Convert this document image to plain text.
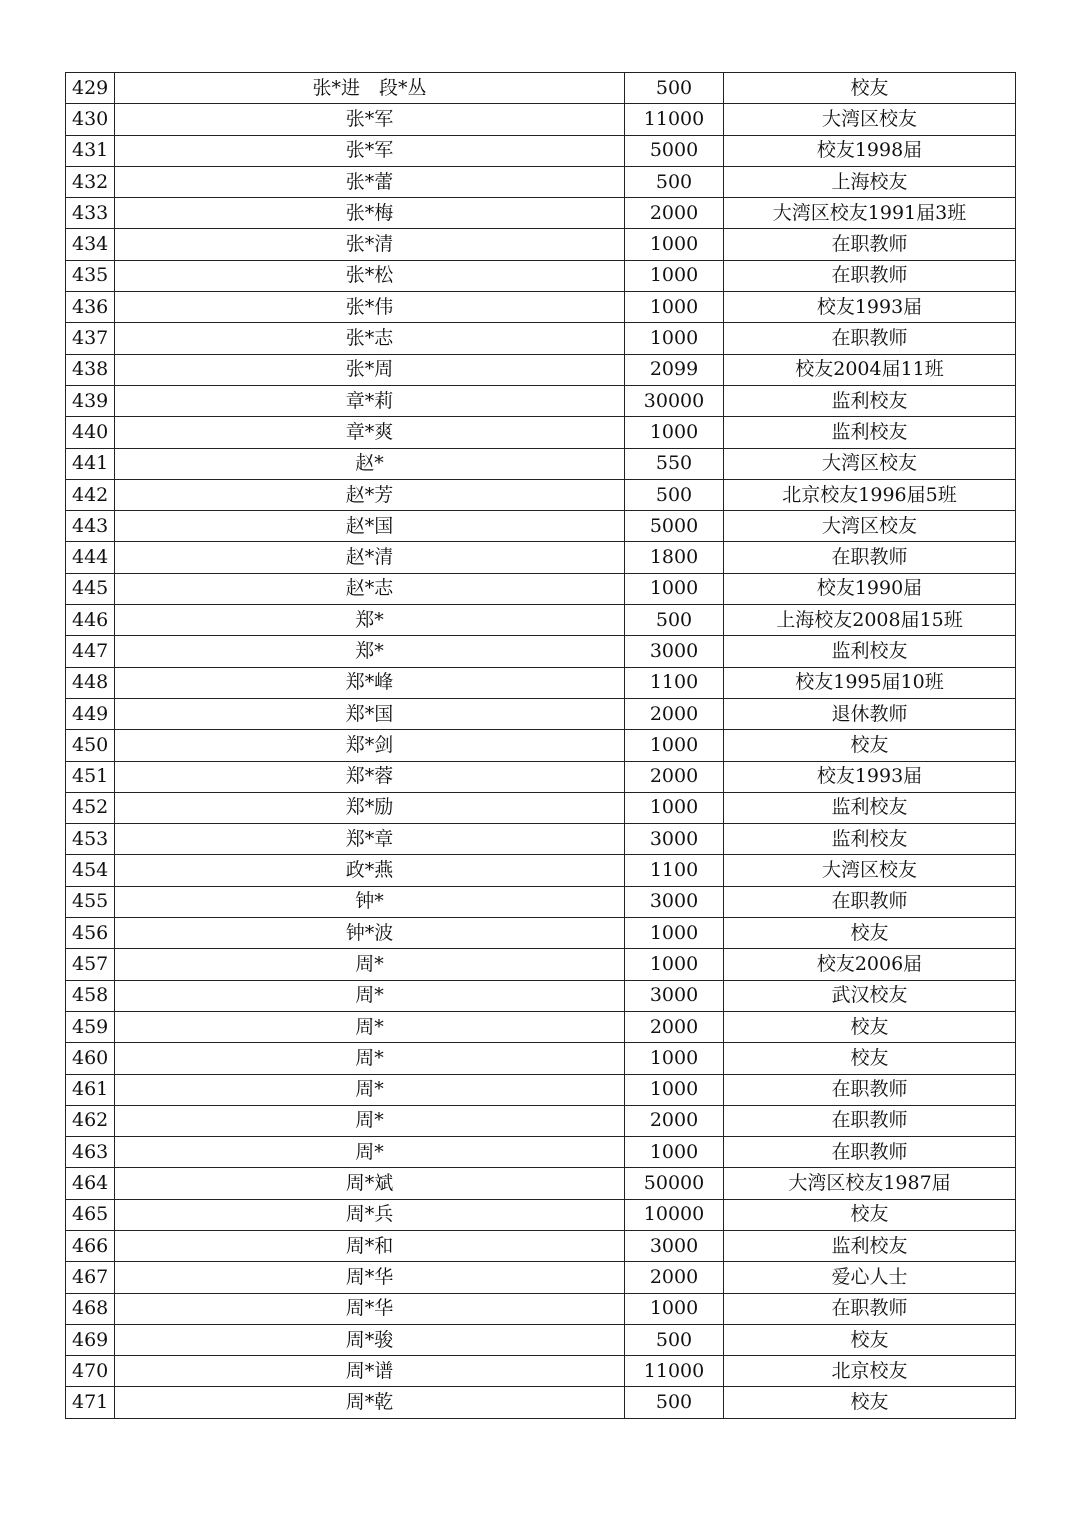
429	张*进　段*丛	500	校友
430	张*军	11000	大湾区校友
431	张*军	5000	校友1998届
432	张*蕾	500	上海校友
433	张*梅	2000	大湾区校友1991届3班
434	张*清	1000	在职教师
435	张*松	1000	在职教师
436	张*伟	1000	校友1993届
437	张*志	1000	在职教师
438	张*周	2099	校友2004届11班
439	章*莉	30000	监利校友
440	章*爽	1000	监利校友
441	赵*	550	大湾区校友
442	赵*芳	500	北京校友1996届5班
443	赵*国	5000	大湾区校友
444	赵*清	1800	在职教师
445	赵*志	1000	校友1990届
446	郑*	500	上海校友2008届15班
447	郑*	3000	监利校友
448	郑*峰	1100	校友1995届10班
449	郑*国	2000	退休教师
450	郑*剑	1000	校友
451	郑*蓉	2000	校友1993届
452	郑*励	1000	监利校友
453	郑*章	3000	监利校友
454	政*燕	1100	大湾区校友
455	钟*	3000	在职教师
456	钟*波	1000	校友
457	周*	1000	校友2006届
458	周*	3000	武汉校友
459	周*	2000	校友
460	周*	1000	校友
461	周*	1000	在职教师
462	周*	2000	在职教师
463	周*	1000	在职教师
464	周*斌	50000	大湾区校友1987届
465	周*兵	10000	校友
466	周*和	3000	监利校友
467	周*华	2000	爱心人士
468	周*华	1000	在职教师
469	周*骏	500	校友
470	周*谱	11000	北京校友
471	周*乾	500	校友
